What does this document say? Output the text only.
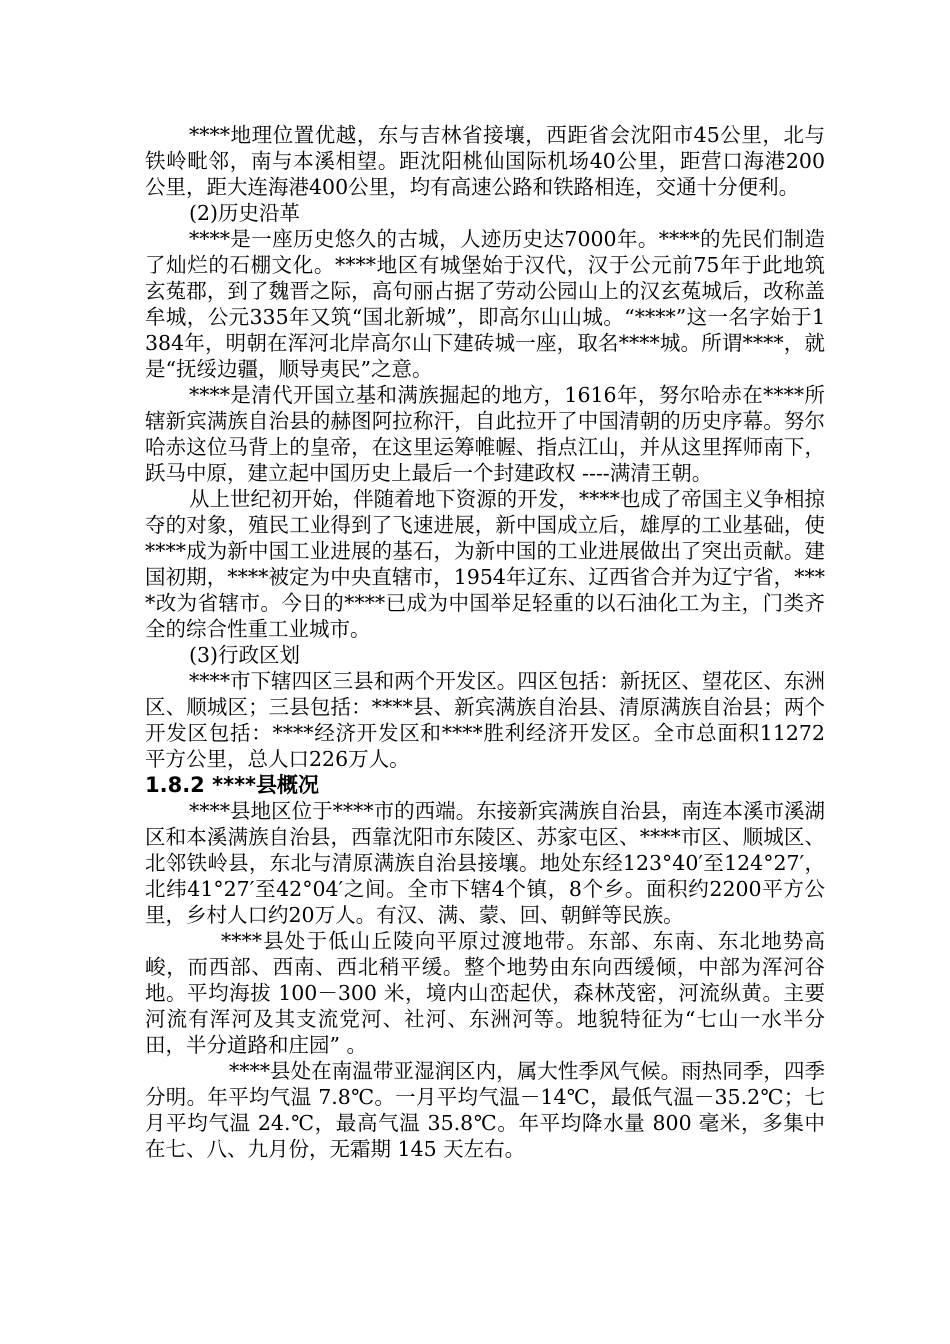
****地理位置优越，东与吉林省接壤，西距省会沈阳市45公里，北与铁岭毗邻，南与本溪相望。距沈阳桃仙国际机场40公里，距营口海港200公里，距大连海港400公里，均有高速公路和铁路相连，交通十分便利。

(2)历史沿革

****是一座历史悠久的古城，人迹历史达7000年。****的先民们制造了灿烂的石棚文化。****地区有城堡始于汉代，汉于公元前75年于此地筑玄菟郡，到了魏晋之际，高句丽占据了劳动公园山上的汉玄菟城后，改称盖牟城，公元335年又筑“国北新城”，即高尔山山城。“****”这一名字始于1384年，明朝在浑河北岸高尔山下建砖城一座，取名****城。所谓****，就是“抚绥边疆，顺导夷民”之意。

****是清代开国立基和满族掘起的地方，1616年，努尔哈赤在****所辖新宾满族自治县的赫图阿拉称汗，自此拉开了中国清朝的历史序幕。努尔哈赤这位马背上的皇帝，在这里运筹帷幄、指点江山，并从这里挥师南下，跃马中原，建立起中国历史上最后一个封建政权 ----满清王朝。

从上世纪初开始，伴随着地下资源的开发，****也成了帝国主义争相掠夺的对象，殖民工业得到了飞速进展，新中国成立后，雄厚的工业基础，使****成为新中国工业进展的基石，为新中国的工业进展做出了突出贡献。建国初期，****被定为中央直辖市，1954年辽东、辽西省合并为辽宁省，****改为省辖市。今日的****已成为中国举足轻重的以石油化工为主，门类齐全的综合性重工业城市。

(3)行政区划

****市下辖四区三县和两个开发区。四区包括：新抚区、望花区、东洲区、顺城区；三县包括：****县、新宾满族自治县、清原满族自治县；两个开发区包括：****经济开发区和****胜利经济开发区。全市总面积11272平方公里，总人口226万人。

1.8.2 ****县概况

****县地区位于****市的西端。东接新宾满族自治县，南连本溪市溪湖区和本溪满族自治县，西靠沈阳市东陵区、苏家屯区、****市区、顺城区、北邻铁岭县，东北与清原满族自治县接壤。地处东经123°40′至124°27′，北纬41°27′至42°04′之间。全市下辖4个镇，8个乡。面积约2200平方公里，乡村人口约20万人。有汉、满、蒙、回、朝鲜等民族。

****县处于低山丘陵向平原过渡地带。东部、东南、东北地势高峻，而西部、西南、西北稍平缓。整个地势由东向西缓倾，中部为浑河谷地。平均海拔 100－300 米，境内山峦起伏，森林茂密，河流纵黄。主要河流有浑河及其支流党河、社河、东洲河等。地貌特征为“七山一水半分田，半分道路和庄园” 。

****县处在南温带亚湿润区内，属大性季风气候。雨热同季，四季分明。年平均气温 7.8℃。一月平均气温－14℃，最低气温－35.2℃；七月平均气温 24.℃，最高气温 35.8℃。年平均降水量 800 毫米，多集中在七、八、九月份，无霜期 145 天左右。
